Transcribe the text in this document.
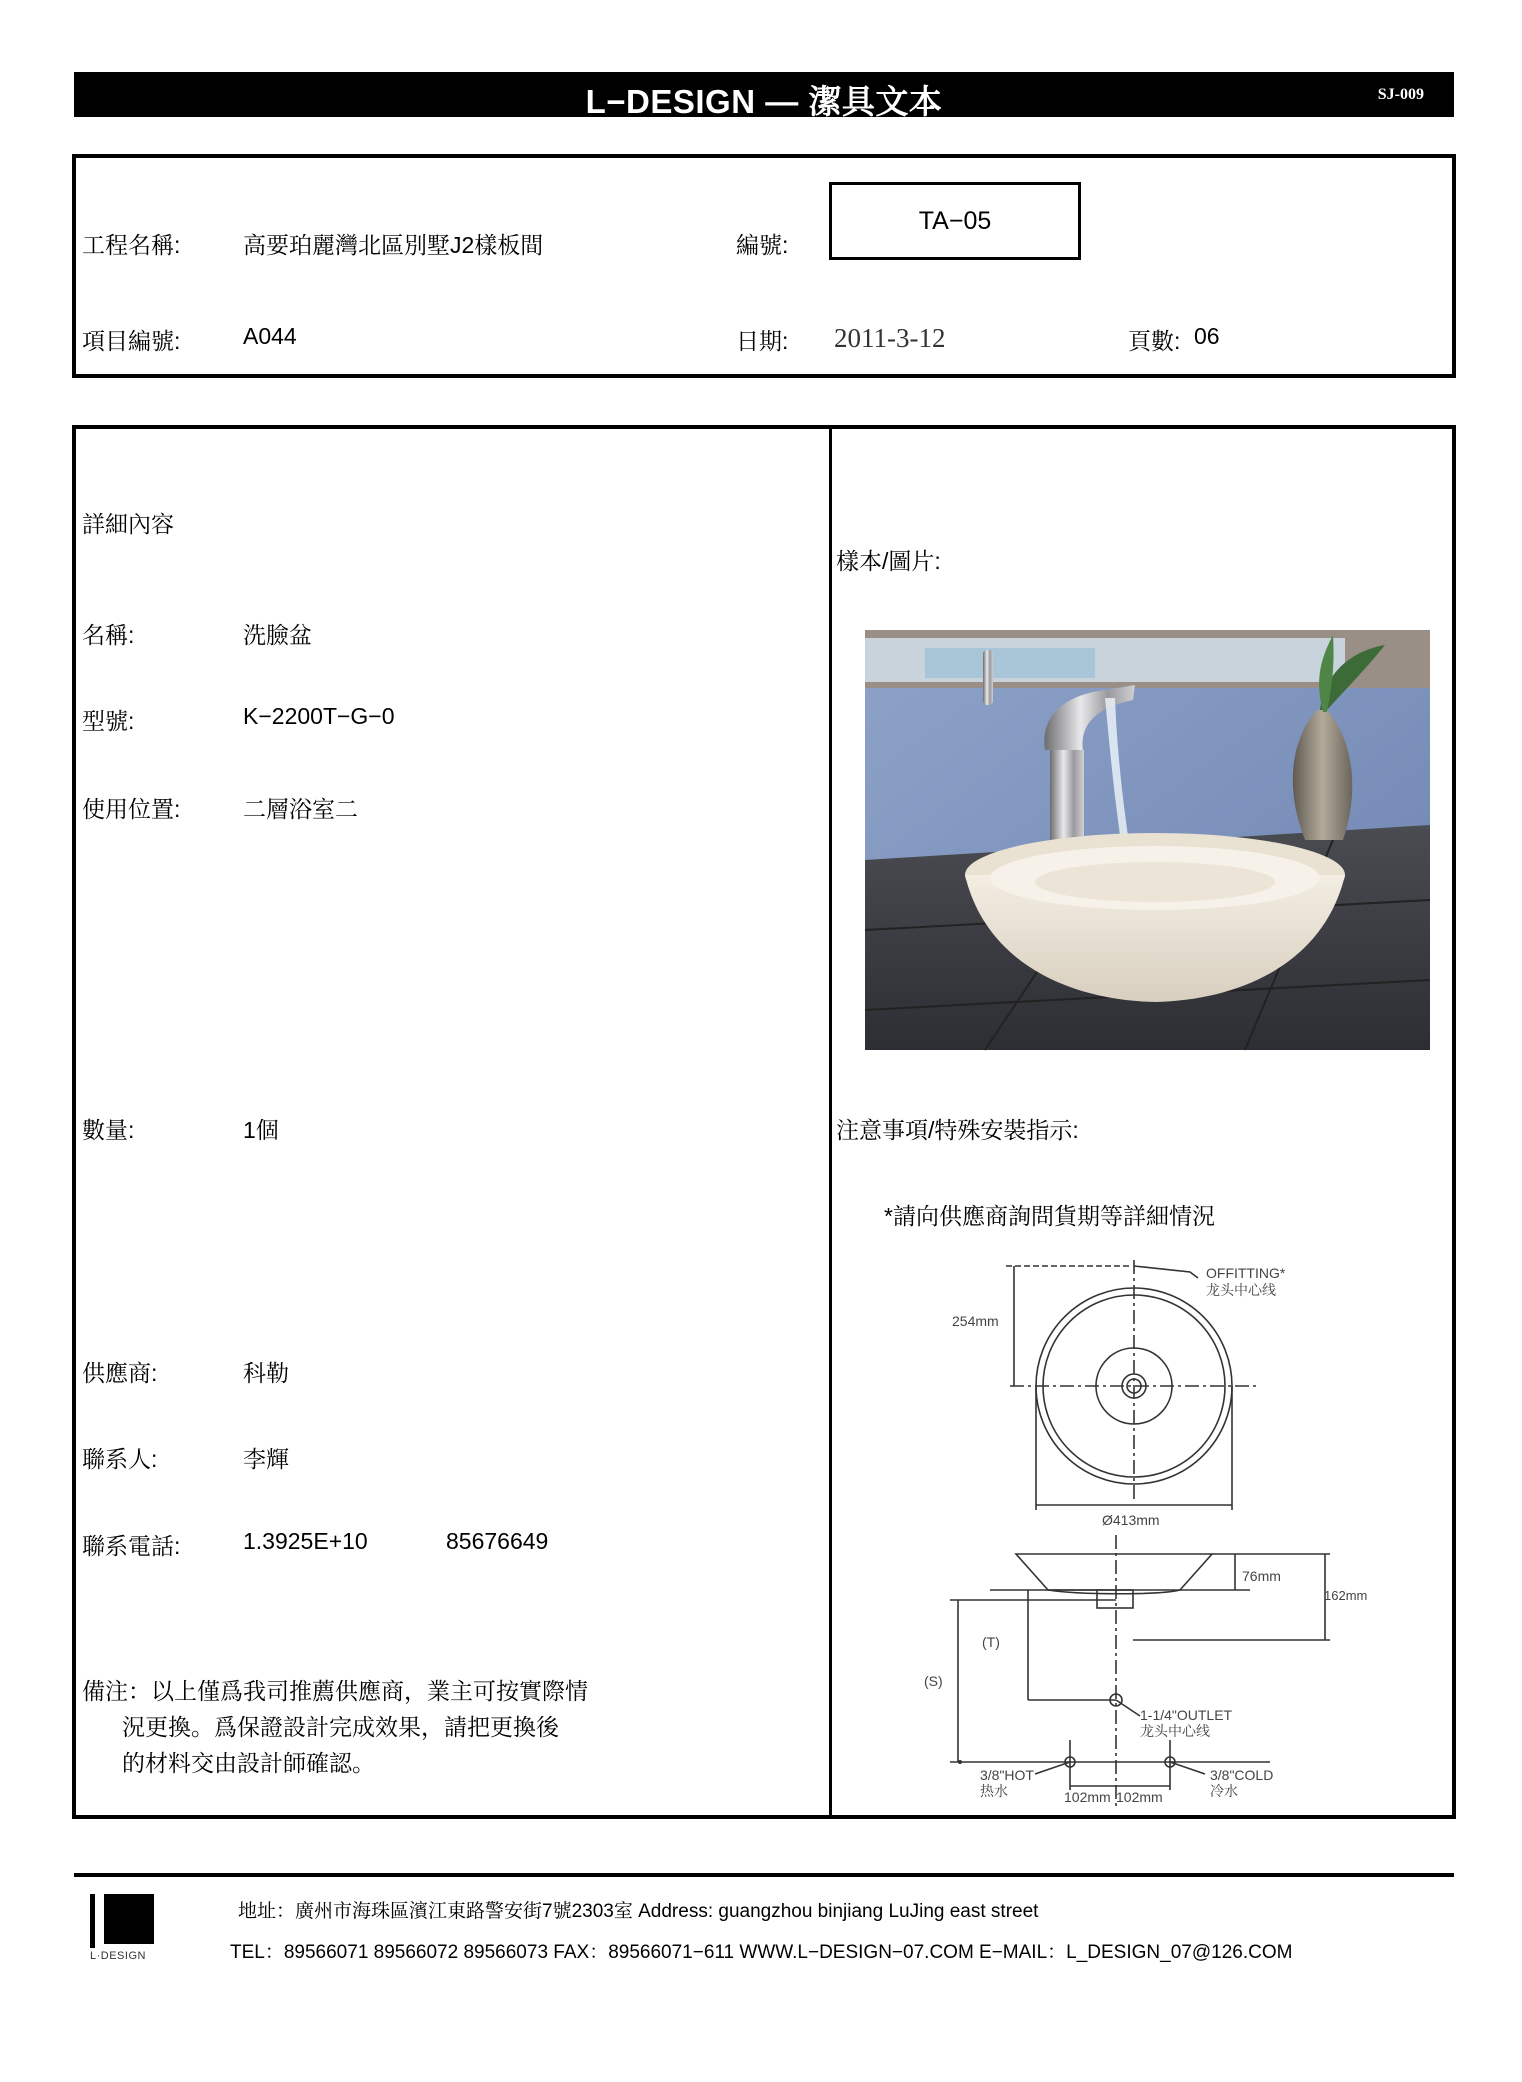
L−DESIGN — 潔具文本	SJ-009
工程名稱:	高要珀麗灣北區別墅J2樣板間	編號:
TA−05
項目編號:	A044	日期: 2011-3-12	頁數: 06
詳細內容
名稱:	洗臉盆
型號:	K−2200T−G−0
使用位置:	二層浴室二
數量:	1個
供應商:	科勒
聯系人:	李輝
聯系電話:	1.3925E+10	85676649
備注：以上僅爲我司推薦供應商，業主可按實際情
況更換。爲保證設計完成效果，請把更換後
的材料交由設計師確認。
樣本/圖片:
注意事項/特殊安裝指示:
*請向供應商詢問貨期等詳細情況
OFFITTING*
龙头中心线
254mm
Ø413mm
76mm
162mm
(T)
(S)
1-1/4"OUTLET
龙头中心线
3/8"HOT
热水
3/8"COLD
冷水
102mm 102mm
L·DESIGN
地址：廣州市海珠區濱江東路警安街7號2303室 Address: guangzhou binjiang LuJing east street
TEL：89566071 89566072 89566073 FAX：89566071−611 WWW.L−DESIGN−07.COM E−MAIL：L_DESIGN_07@126.COM
